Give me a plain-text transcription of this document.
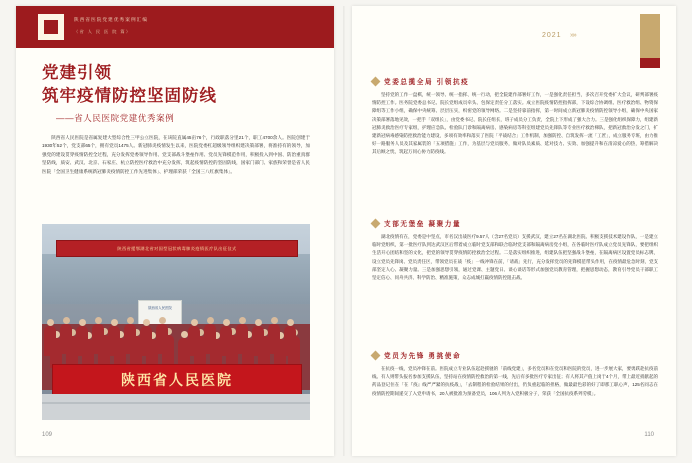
陕西省医院党建优秀案例汇编
（省 人 民 医 院 篇）
党建引领
筑牢疫情防控坚固防线
——省人民医院党建优秀案例

陕西省人民医院是省属复建大型综合性三甲公立医院，在该院直属45亩76个，行政职落分里21个，职工4700余人。医院创建于1930年52个，党支部65个，拥有党员1475人。新冠肺炎疫情发生以来，医院党委杠超级领导组织建决策部署，将淮持有的领导，加强党的建设贯穿疫情防控全过程，充分发挥党委领导作用、党支部战斗堡垒作用、党员先锋模范作用，积极投入到中国、防治重真群坚防线，质安、武汉、北京、石家庄、杭立防控医疗救治中充分发挥，筑起疫情防控的坚固防线，国家门部门、家族和荣誉是省人民医院「全国卫生健康系统新冠肺炎疫情防控工作先进集体」、护理部荣获「全国三八红旗集体」。

陕西省援鄂湖北省对国型冠状病毒肺炎疫情医疗队出征仪式
陕西省人民医院
陕西省人民医院
109
2021 »»
党委总揽全局 引领抗疫

坚持党的工作一盘棋，统一领导、统一指挥、统一行动，把全院建作部署好工作，一是强化责任担当，多次召开党委扩大会议，研判部署疫情防控工作。医务院党委总书记、院长党组成员牵头、包保定责任分工落实。成立医院疫情防控指挥部，下设综合协调组、医疗救治组、物资保障组等工作小组，确保中央统筹、层层压实，织密党的领导网络。二是坚持靠前指挥，第一时间成立新冠肺炎疫情防控领导小组，确保中央国家决策部署落地见效，一把手「双组长」，由党委书记、院长任组长，班子成员分工负责，全院上下形成了强大合力。三是强化组织保障力，组建新冠肺炎救治医疗专家组，护理应急队、检验队门诊和隔离病房、感染病房等科室组建党员先锋队等专业医疗救治梯队，把新冠救治分发之门，扩建新冠病毒感染防控救治能力建设，多项有效率和落实了医院「平战结合」工作机制，加强防控、自筑发挥一流「工匠」，成立服务专班，由力推好一路服务人员及其家属装的「五项措施」工作，为基层与党员服务，做对队员素质、延对技力、实效、加强提升和在清凉爱心的热，筹措解决其后顾之忧，筑起万同心协力防疫线。

支部无堡垒 凝聚力量

湖北疫情有在，党委是中坚点，市名汉出战医疗9.57人（含27名党员）支援武汉，建立27名在湖北医院、积极支援技术建设作队，一是建立临时党组织，第一批医疗队到达武汉区后带着成立临时党支部和联合临时党支部和隔离病房党小组，在各临时医疗队成立党员先锋队，要把组织生活开心团结和坚的文化，把党的领导贯穿疫情防控救治全过程。二是落实组织推进，组建队伍把坚强战斗堡垒，在隔离病区设置党员标志牌，设立党员先锋岗、党员责任区，带领党员在战「疫」一线冲锋在前，「请战」先行，充分发挥党员的先锋模范带头作用，在疫情最危急时刻，党支部坚定人心、凝聚力量。三是加强思想引领，通过党课、主题党日、谈心谈话等形式加强党员教育管理，把握思想动态，教育引导党员干部职工坚定信心、同舟共济、科学防治、精准施策，众志成城打赢疫情防控阻击战。

党员为先锋 勇挑使命

在抗疫一线，党员冲锋在前。医院成立专业队伍起赴援驰的「前线党建」，多名党员和在党员和医院的党员，进一步展大家，要勇跃赴抗疫前线。有人则带头报名参加支援队伍，坚持站在疫情防控救治的第一线，先后有多批医疗专家出征；有人将其产值上岗于4个月，带上最近捐献起的药品登记住在「在『疫』线严严紧的抗疫战」，「去制程的检验结果的付出，仍负重起临的担格，做最最色彩的好了即那工职心声，125名同志在疫情防控期间递交了入党申请书，20人被批准为预备党员，106人列为入党积极分子，荣获「全国抗疫系列劳模」。

110
